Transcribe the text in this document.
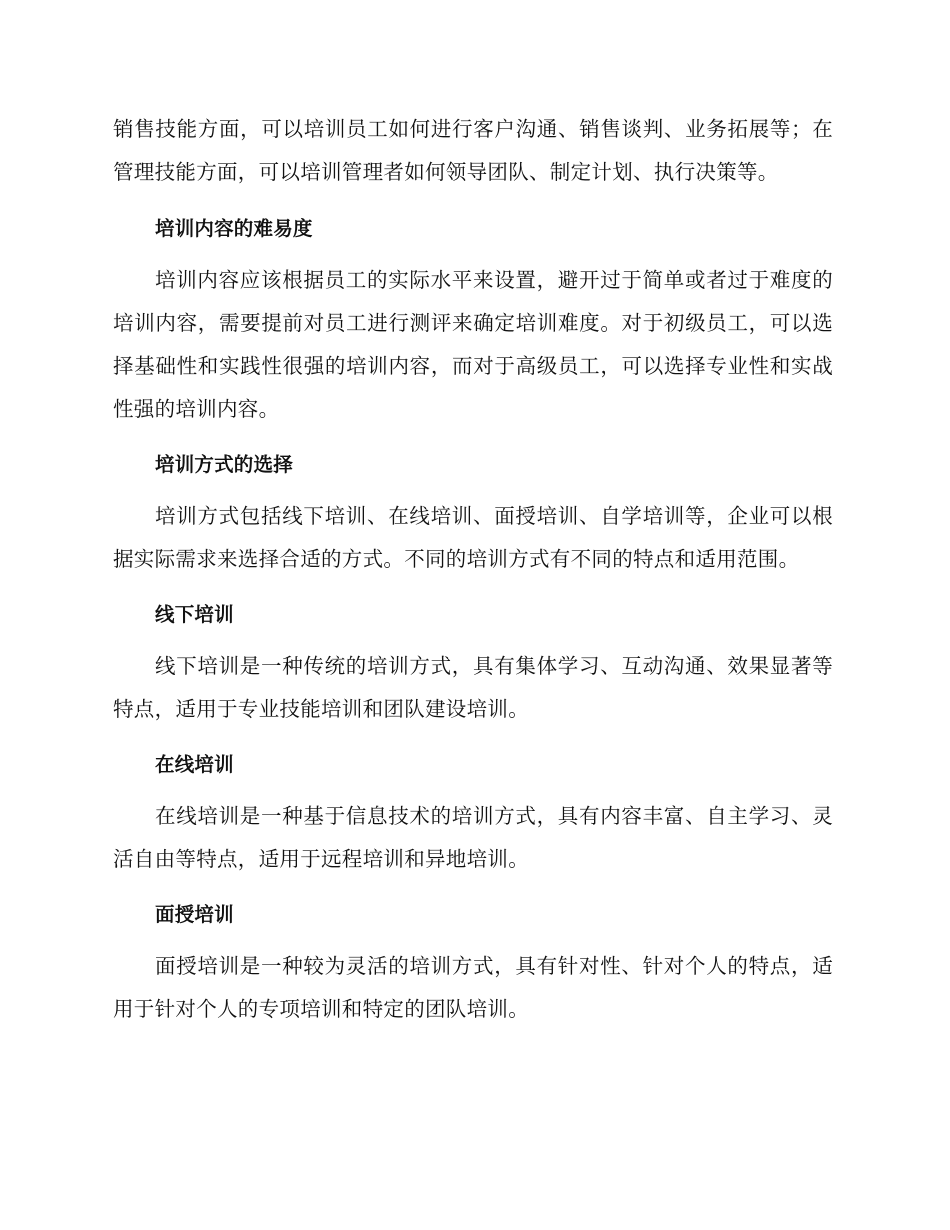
销售技能方面，可以培训员工如何进行客户沟通、销售谈判、业务拓展等；在管理技能方面，可以培训管理者如何领导团队、制定计划、执行决策等。

培训内容的难易度

培训内容应该根据员工的实际水平来设置，避开过于简单或者过于难度的培训内容，需要提前对员工进行测评来确定培训难度。对于初级员工，可以选择基础性和实践性很强的培训内容，而对于高级员工，可以选择专业性和实战性强的培训内容。

培训方式的选择

培训方式包括线下培训、在线培训、面授培训、自学培训等，企业可以根据实际需求来选择合适的方式。不同的培训方式有不同的特点和适用范围。

线下培训

线下培训是一种传统的培训方式，具有集体学习、互动沟通、效果显著等特点，适用于专业技能培训和团队建设培训。

在线培训

在线培训是一种基于信息技术的培训方式，具有内容丰富、自主学习、灵活自由等特点，适用于远程培训和异地培训。

面授培训

面授培训是一种较为灵活的培训方式，具有针对性、针对个人的特点，适用于针对个人的专项培训和特定的团队培训。
